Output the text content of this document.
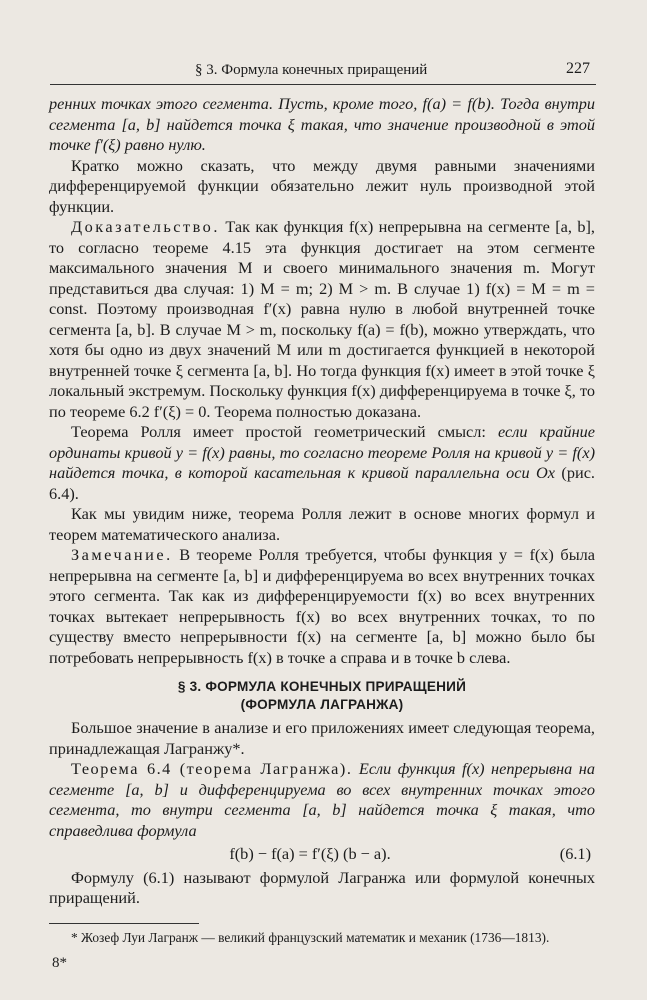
§ 3. Формула конечных приращений	227

ренних точках этого сегмента. Пусть, кроме того, f(a) = f(b). Тогда внутри сегмента [a, b] найдется точка ξ такая, что значение производной в этой точке f′(ξ) равно нулю.

Кратко можно сказать, что между двумя равными значениями дифференцируемой функции обязательно лежит нуль производной этой функции.

Доказательство. Так как функция f(x) непрерывна на сегменте [a, b], то согласно теореме 4.15 эта функция достигает на этом сегменте максимального значения M и своего минимального значения m. Могут представиться два случая: 1) M = m; 2) M > m. В случае 1) f(x) = M = m = const. Поэтому производная f′(x) равна нулю в любой внутренней точке сегмента [a, b]. В случае M > m, поскольку f(a) = f(b), можно утверждать, что хотя бы одно из двух значений M или m достигается функцией в некоторой внутренней точке ξ сегмента [a, b]. Но тогда функция f(x) имеет в этой точке ξ локальный экстремум. Поскольку функция f(x) дифференцируема в точке ξ, то по теореме 6.2 f′(ξ) = 0. Теорема полностью доказана.

Теорема Ролля имеет простой геометрический смысл: если крайние ординаты кривой y = f(x) равны, то согласно теореме Ролля на кривой y = f(x) найдется точка, в которой касательная к кривой параллельна оси Ox (рис. 6.4).

Как мы увидим ниже, теорема Ролля лежит в основе многих формул и теорем математического анализа.

Замечание. В теореме Ролля требуется, чтобы функция y = f(x) была непрерывна на сегменте [a, b] и дифференцируема во всех внутренних точках этого сегмента. Так как из дифференцируемости f(x) во всех внутренних точках вытекает непрерывность f(x) во всех внутренних точках, то по существу вместо непрерывности f(x) на сегменте [a, b] можно было бы потребовать непрерывность f(x) в точке a справа и в точке b слева.

§ 3. ФОРМУЛА КОНЕЧНЫХ ПРИРАЩЕНИЙ
(ФОРМУЛА ЛАГРАНЖА)

Большое значение в анализе и его приложениях имеет следующая теорема, принадлежащая Лагранжу*.

Теорема 6.4 (теорема Лагранжа). Если функция f(x) непрерывна на сегменте [a, b] и дифференцируема во всех внутренних точках этого сегмента, то внутри сегмента [a, b] найдется точка ξ такая, что справедлива формула

f(b) − f(a) = f′(ξ) (b − a).	(6.1)

Формулу (6.1) называют формулой Лагранжа или формулой конечных приращений.

* Жозеф Луи Лагранж — великий французский математик и механик (1736—1813).

8*
